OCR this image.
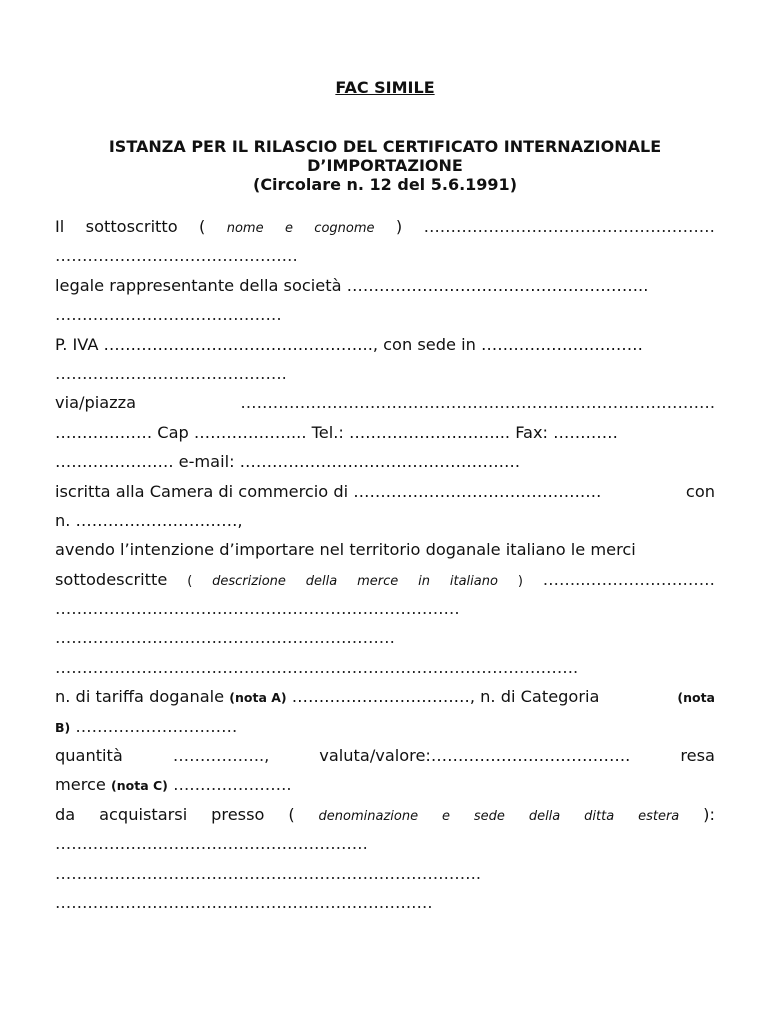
FAC SIMILE
ISTANZA PER IL RILASCIO DEL CERTIFICATO INTERNAZIONALE
D’IMPORTAZIONE
(Circolare n. 12 del 5.6.1991)
Il sottoscritto ( nome e cognome ) ………………………………………………
………………………………………
legale rappresentante della società ………………………………………………..
……………………………………
P. IVA ………………………………………….., con sede in …………………………
…………………………………….
via/piazza	…………………………………………………………………………….
……………… Cap ………………... Tel.: ………………………... Fax: …………
…………………. e-mail: …………………………………………….
iscritta alla Camera di commercio di ……………………………………….	con
n. …………………………,
avendo l’intenzione d’importare nel territorio doganale italiano le merci
sottodescritte ( descrizione della merce in italiano ) ……..……………………
…………………………………………………………………
………………………………………………………
…………………………………………………………………………………….
n. di tariffa doganale (nota A) ……………………………, n. di Categoria	(nota
B) …………………………
quantità	……………..,	valuta/valore:……………………………….	resa
merce (nota C) ………………….
da acquistarsi presso ( denominazione e sede della ditta estera ):
………………………………………………….
…………………………………………………………………….
…………………………………………………………….
